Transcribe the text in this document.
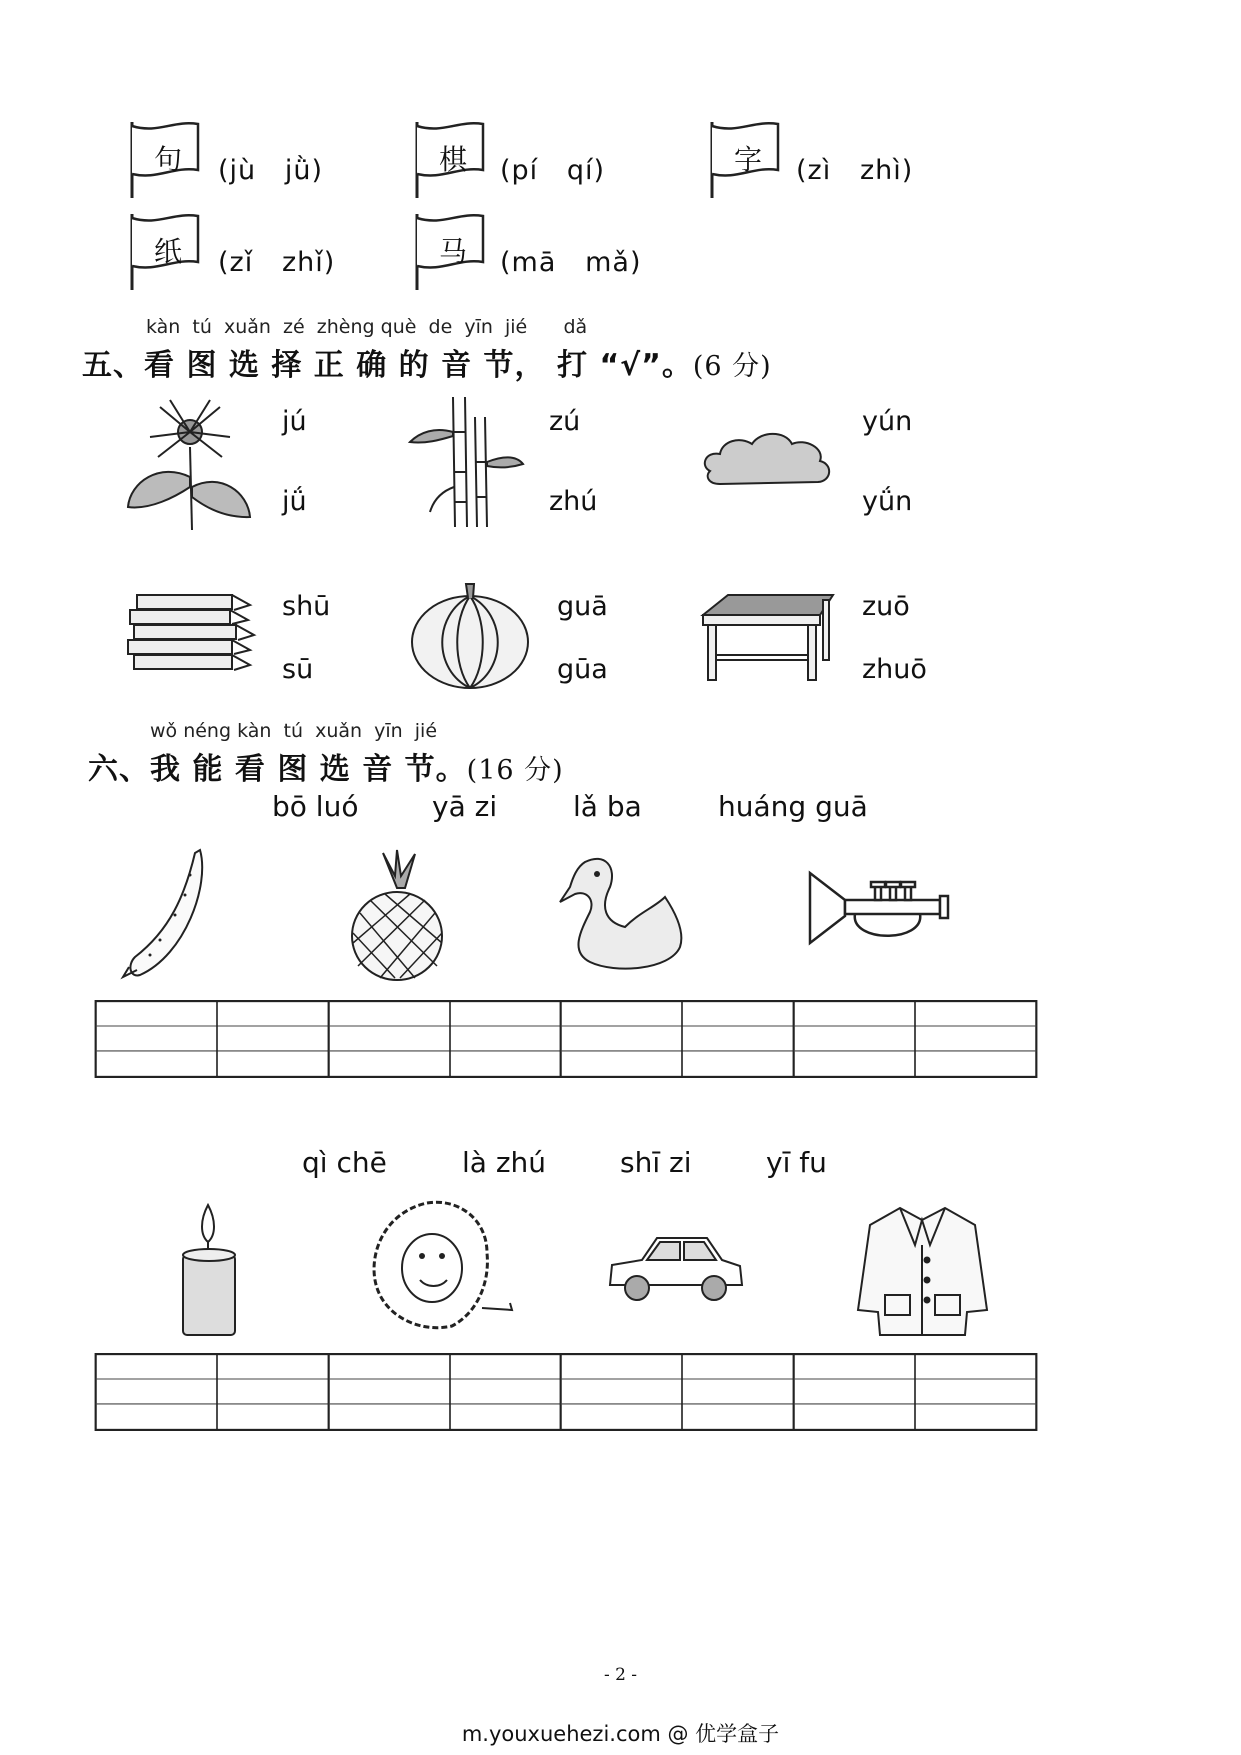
句 (jù   jǜ)	棋 (pí   qí)	字 (zì   zhì)
纸 (zǐ   zhǐ)	马 (mā   mǎ)
kàn  tú  xuǎn  zé  zhèng què  de  yīn  jié      dǎ
五、看 图 选 择 正 确 的 音 节， 打 “√”。(6 分)
jú
jǘ
zú
zhú
yún
yǘn
shū
sū
guā
gūa
zuō
zhuō
wǒ néng kàn  tú  xuǎn  yīn  jié
六、我 能 看 图 选 音 节。(16 分)
bō luó	yā zi	lǎ ba	huáng guā
qì chē	là zhú	shī zi	yī fu
- 2 -
m.youxuehezi.com @ 优学盒子
